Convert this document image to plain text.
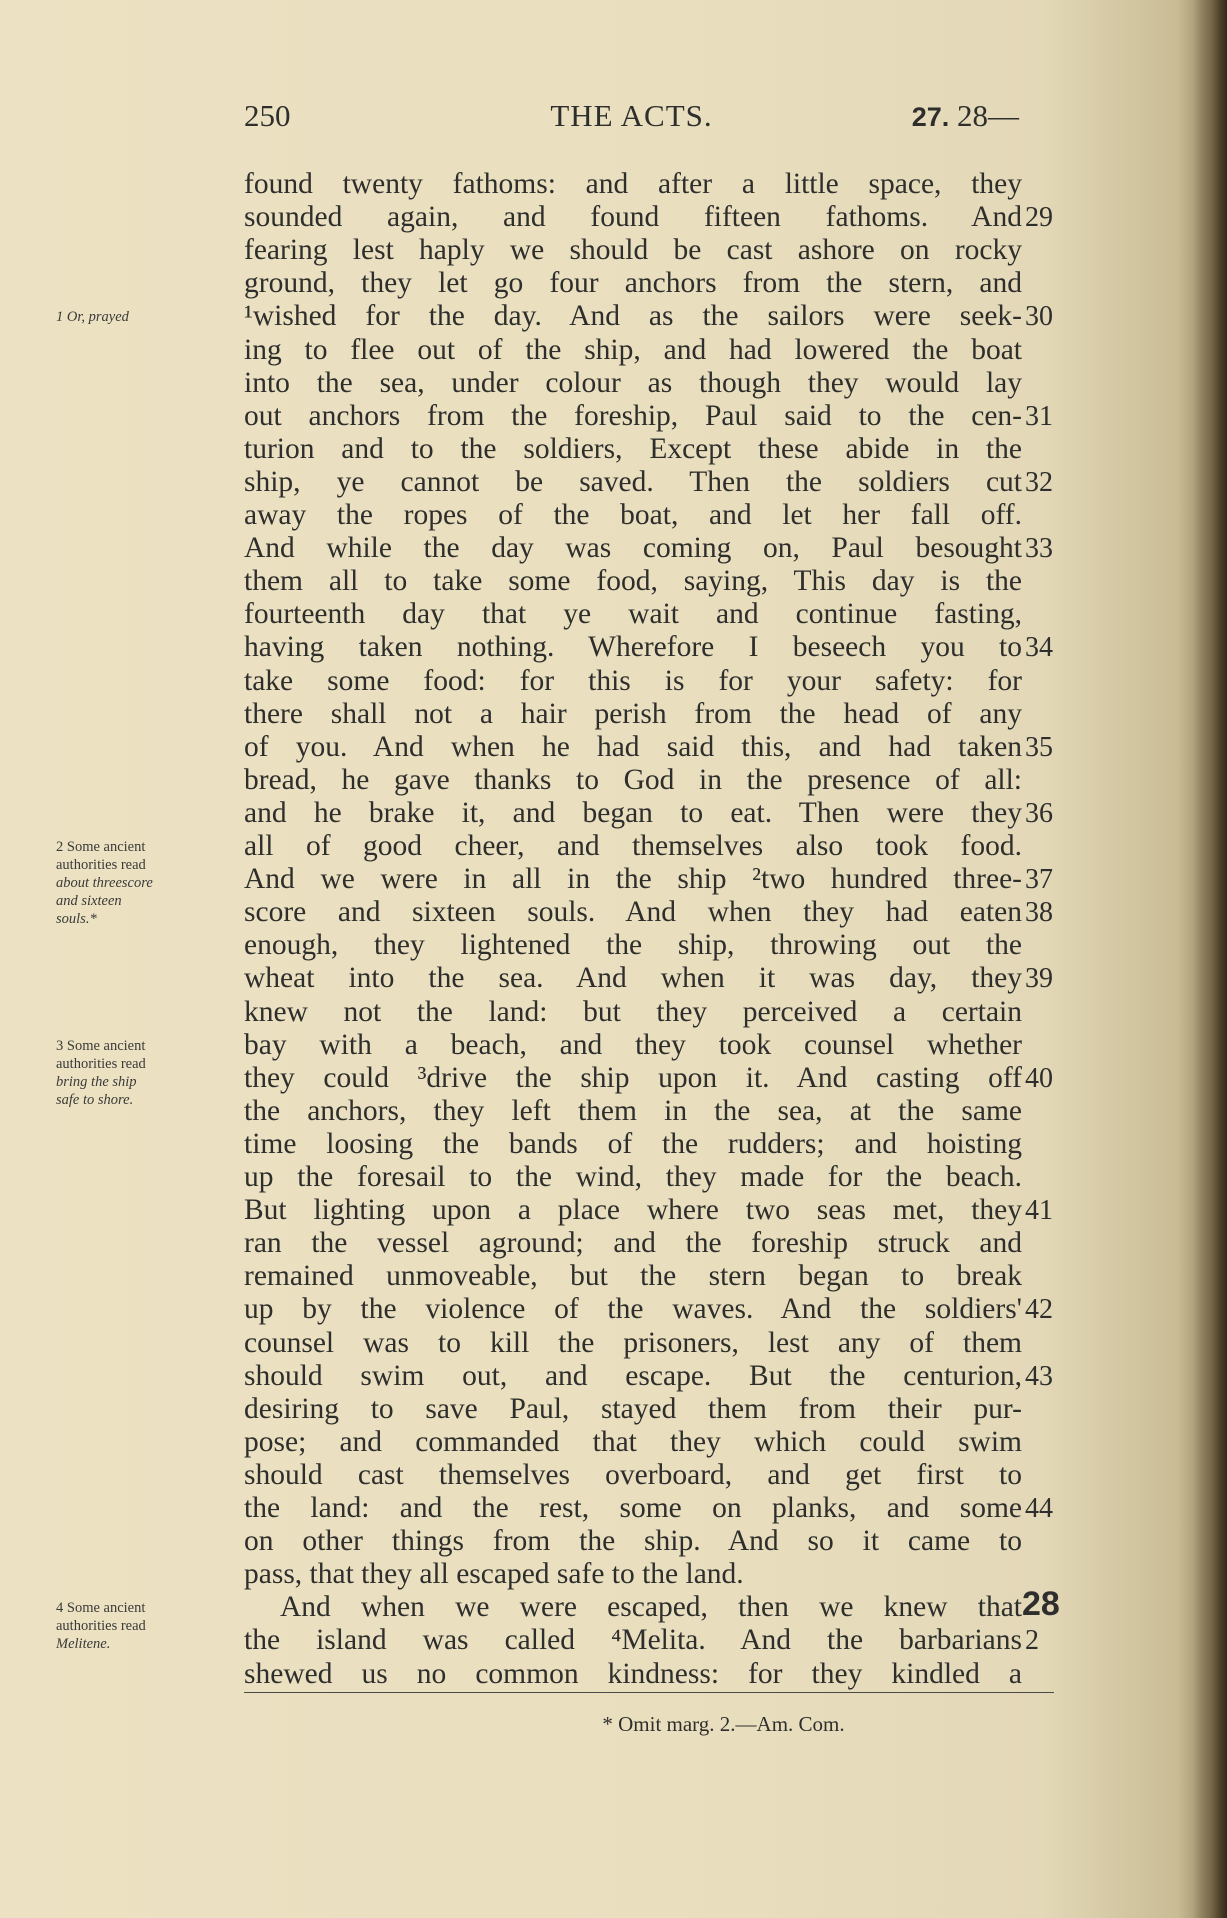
250	THE ACTS.	27. 28—
found twenty fathoms: and after a little space, they
sounded again, and found fifteen fathoms. And
fearing lest haply we should be cast ashore on rocky
ground, they let go four anchors from the stern, and
¹wished for the day. And as the sailors were seek-
ing to flee out of the ship, and had lowered the boat
into the sea, under colour as though they would lay
out anchors from the foreship, Paul said to the cen-
turion and to the soldiers, Except these abide in the
ship, ye cannot be saved. Then the soldiers cut
away the ropes of the boat, and let her fall off.
And while the day was coming on, Paul besought
them all to take some food, saying, This day is the
fourteenth day that ye wait and continue fasting,
having taken nothing. Wherefore I beseech you to
take some food: for this is for your safety: for
there shall not a hair perish from the head of any
of you. And when he had said this, and had taken
bread, he gave thanks to God in the presence of all:
and he brake it, and began to eat. Then were they
all of good cheer, and themselves also took food.
And we were in all in the ship ²two hundred three-
score and sixteen souls. And when they had eaten
enough, they lightened the ship, throwing out the
wheat into the sea. And when it was day, they
knew not the land: but they perceived a certain
bay with a beach, and they took counsel whether
they could ³drive the ship upon it. And casting off
the anchors, they left them in the sea, at the same
time loosing the bands of the rudders; and hoisting
up the foresail to the wind, they made for the beach.
But lighting upon a place where two seas met, they
ran the vessel aground; and the foreship struck and
remained unmoveable, but the stern began to break
up by the violence of the waves. And the soldiers'
counsel was to kill the prisoners, lest any of them
should swim out, and escape. But the centurion,
desiring to save Paul, stayed them from their pur-
pose; and commanded that they which could swim
should cast themselves overboard, and get first to
the land: and the rest, some on planks, and some
on other things from the ship. And so it came to
pass, that they all escaped safe to the land.
And when we were escaped, then we knew that
the island was called ⁴Melita. And the barbarians
shewed us no common kindness: for they kindled a
29
30
31
32
33
34
35
36
37
38
39
40
41
42
43
44
28
2
1 Or, prayed
2 Some ancient
authorities read
about threescore
and sixteen
souls.*
3 Some ancient
authorities read
bring the ship
safe to shore.
4 Some ancient
authorities read
Melitene.
* Omit marg. 2.—Am. Com.
